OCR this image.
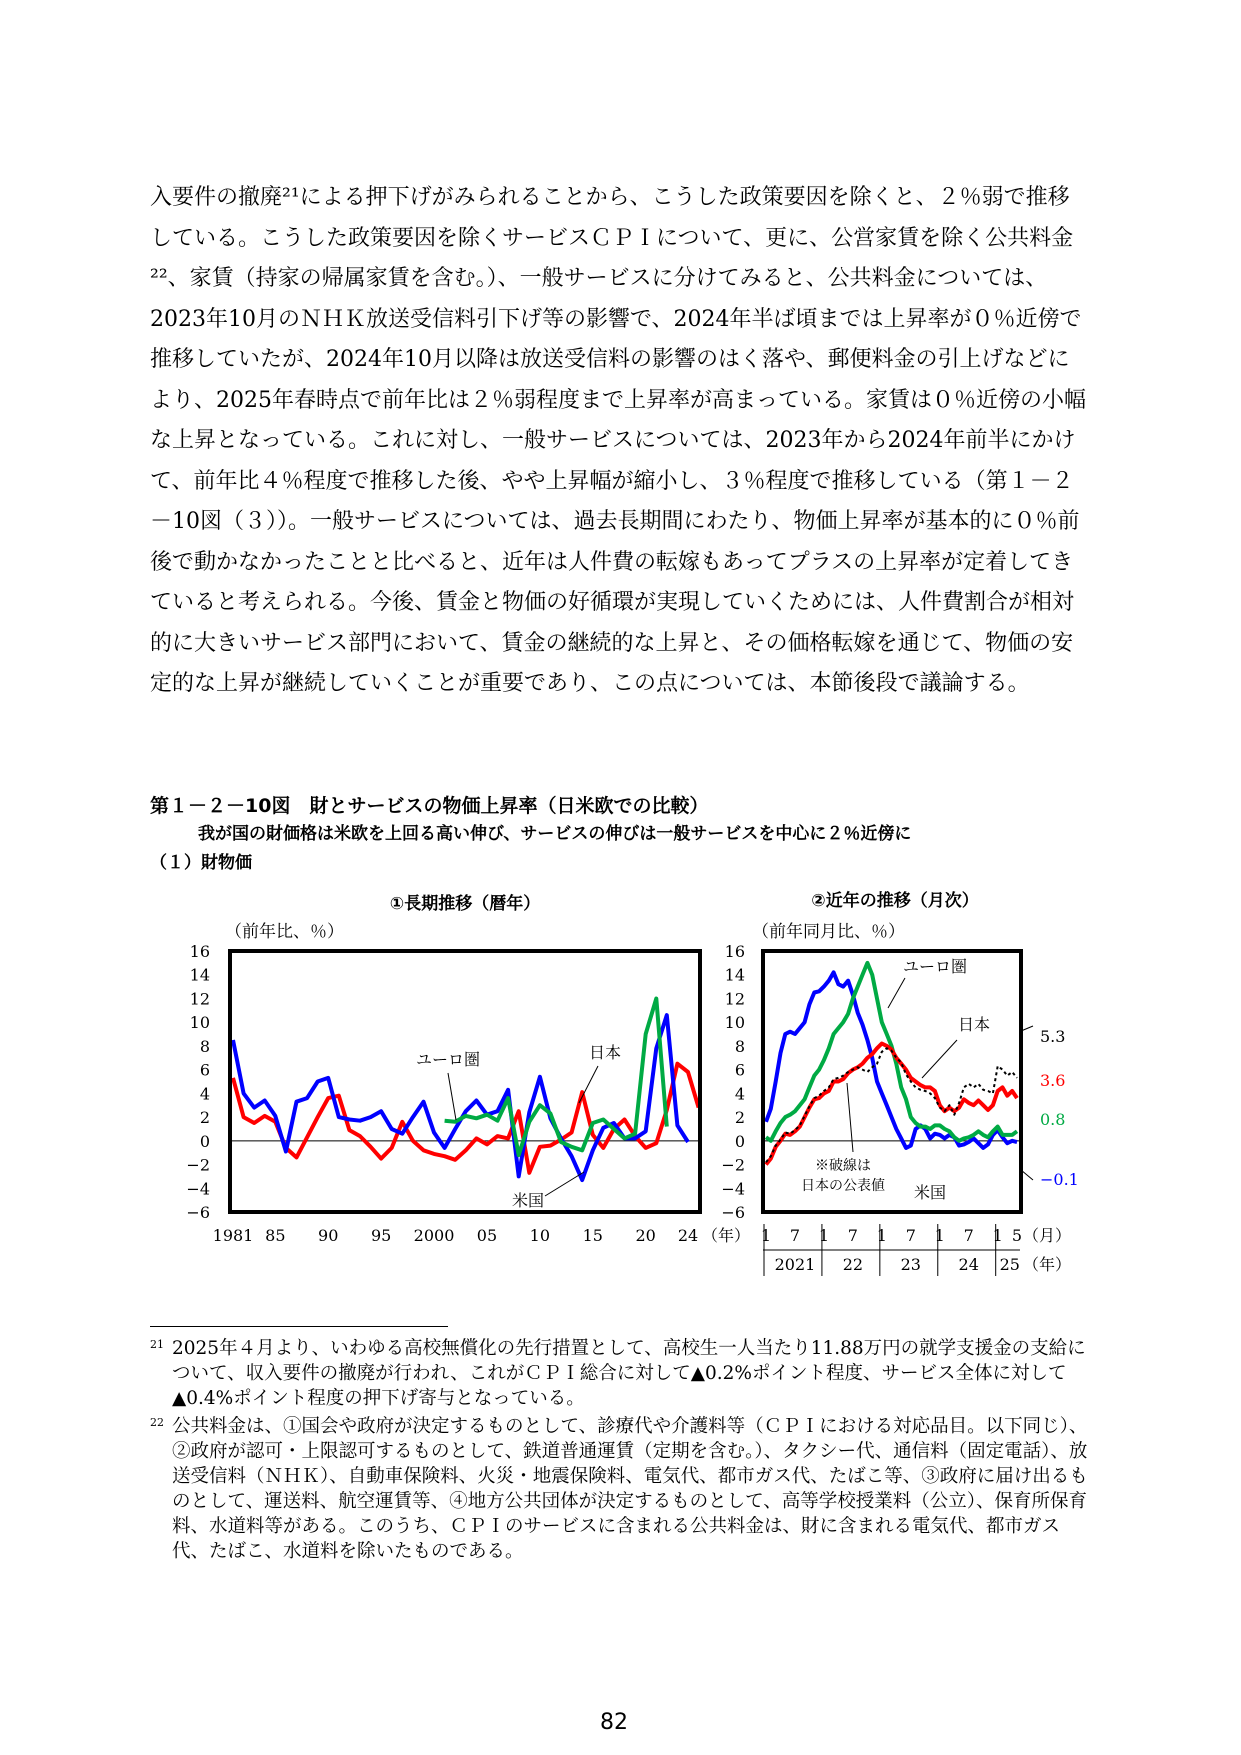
入要件の撤廃²¹による押下げがみられることから、こうした政策要因を除くと、２％弱で推移している。こうした政策要因を除くサービスＣＰＩについて、更に、公営家賃を除く公共料金²²、家賃（持家の帰属家賃を含む。）、一般サービスに分けてみると、公共料金については、2023年10月のＮＨＫ放送受信料引下げ等の影響で、2024年半ば頃までは上昇率が０％近傍で推移していたが、2024年10月以降は放送受信料の影響のはく落や、郵便料金の引上げなどにより、2025年春時点で前年比は２％弱程度まで上昇率が高まっている。家賃は０％近傍の小幅な上昇となっている。これに対し、一般サービスについては、2023年から2024年前半にかけて、前年比４％程度で推移した後、やや上昇幅が縮小し、３％程度で推移している（第１－２－10図（３））。一般サービスについては、過去長期間にわたり、物価上昇率が基本的に０％前後で動かなかったことと比べると、近年は人件費の転嫁もあってプラスの上昇率が定着してきていると考えられる。今後、賃金と物価の好循環が実現していくためには、人件費割合が相対的に大きいサービス部門において、賃金の継続的な上昇と、その価格転嫁を通じて、物価の安定的な上昇が継続していくことが重要であり、この点については、本節後段で議論する。
第１－２－10図　財とサービスの物価上昇率（日米欧での比較）
我が国の財価格は米欧を上回る高い伸び、サービスの伸びは一般サービスを中心に２％近傍に
（１）財物価
①長期推移（暦年）	②近年の推移（月次）
（前年比、％）	（前年同月比、％）
16
14
12
10
8
6
4
2
0
−2
−4
−6
16
14
12
10
8
6
4
2
0
−2
−4
−6
1981 85 90 95 2000 05 10 15 20 24 （年）
ユーロ圏	日本
米国
1 7 1 7 1 7 1 7 1 5 （月）
2021 22 23 24 25 （年）
5.3
3.6
0.8
−0.1
ユーロ圏
日本
米国
※破線は
日本の公表値
21 2025年４月より、いわゆる高校無償化の先行措置として、高校生一人当たり11.88万円の就学支援金の支給について、収入要件の撤廃が行われ、これがＣＰＩ総合に対して▲0.2%ポイント程度、サービス全体に対して▲0.4%ポイント程度の押下げ寄与となっている。
22 公共料金は、①国会や政府が決定するものとして、診療代や介護料等（ＣＰＩにおける対応品目。以下同じ）、②政府が認可・上限認可するものとして、鉄道普通運賃（定期を含む。）、タクシー代、通信料（固定電話）、放送受信料（ＮＨＫ）、自動車保険料、火災・地震保険料、電気代、都市ガス代、たばこ等、③政府に届け出るものとして、運送料、航空運賃等、④地方公共団体が決定するものとして、高等学校授業料（公立）、保育所保育料、水道料等がある。このうち、ＣＰＩのサービスに含まれる公共料金は、財に含まれる電気代、都市ガス代、たばこ、水道料を除いたものである。
82
